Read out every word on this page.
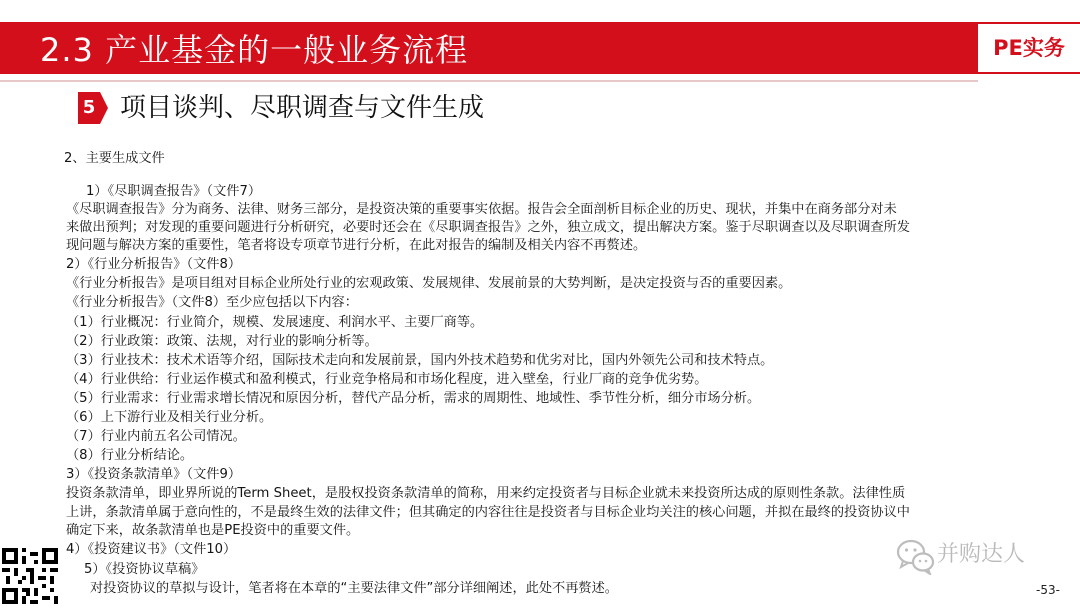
2.3 产业基金的一般业务流程	PE实务
5 项目谈判、尽职调查与文件生成
2、主要生成文件
1）《尽职调查报告》（文件7）
《尽职调查报告》分为商务、法律、财务三部分，是投资决策的重要事实依据。报告会全面剖析目标企业的历史、现状，并集中在商务部分对未
来做出预判；对发现的重要问题进行分析研究，必要时还会在《尽职调查报告》之外，独立成文，提出解决方案。鉴于尽职调查以及尽职调查所发
现问题与解决方案的重要性，笔者将设专项章节进行分析，在此对报告的编制及相关内容不再赘述。
2）《行业分析报告》（文件8）
《行业分析报告》是项目组对目标企业所处行业的宏观政策、发展规律、发展前景的大势判断，是决定投资与否的重要因素。
《行业分析报告》（文件8）至少应包括以下内容：
（1）行业概况：行业简介，规模、发展速度、利润水平、主要厂商等。
（2）行业政策：政策、法规，对行业的影响分析等。
（3）行业技术：技术术语等介绍，国际技术走向和发展前景，国内外技术趋势和优劣对比，国内外领先公司和技术特点。
（4）行业供给：行业运作模式和盈利模式，行业竞争格局和市场化程度，进入壁垒，行业厂商的竞争优劣势。
（5）行业需求：行业需求增长情况和原因分析，替代产品分析，需求的周期性、地域性、季节性分析，细分市场分析。
（6）上下游行业及相关行业分析。
（7）行业内前五名公司情况。
（8）行业分析结论。
3）《投资条款清单》（文件9）
投资条款清单，即业界所说的Term Sheet，是股权投资条款清单的简称，用来约定投资者与目标企业就未来投资所达成的原则性条款。法律性质
上讲，条款清单属于意向性的，不是最终生效的法律文件；但其确定的内容往往是投资者与目标企业均关注的核心问题，并拟在最终的投资协议中
确定下来，故条款清单也是PE投资中的重要文件。
4）《投资建议书》（文件10）
5）《投资协议草稿》
对投资协议的草拟与设计，笔者将在本章的“主要法律文件”部分详细阐述，此处不再赘述。
并购达人
-53-
